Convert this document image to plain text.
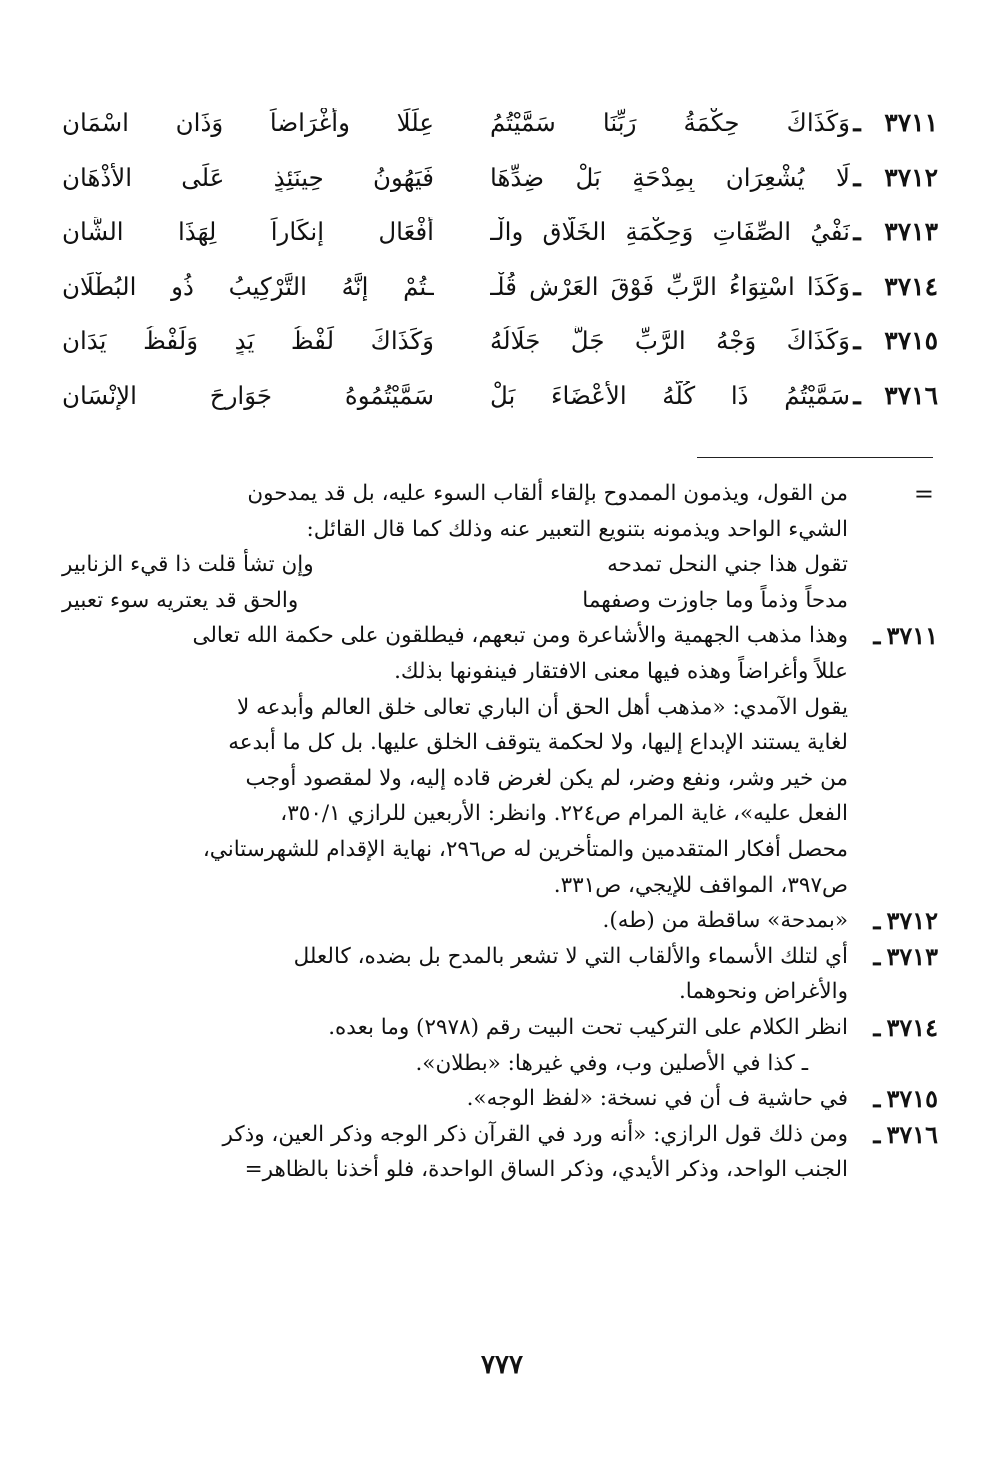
٣٧١١
ـ
وَكَذَاكَ حِكْمَةُ رَبِّنَا سَمَّيْتُمُ
عِلَلًا وأَغْرَاضاً وَذَانِ اسْمَانِ
٣٧١٢
ـ
لَا يُشْعِرَانِ بِمِدْحَةٍ بَلْ ضِدِّهَا
فَيَهُونُ حِينَئِذٍ عَلَى الأذْهَانِ
٣٧١٣
ـ
نَفْيُ الصِّفَاتِ وَحِكْمَةِ الخَلَّاقِ والْـ
أفْعَالِ إنكَاراً لِهَذَا الشَّانِ
٣٧١٤
ـ
وَكَذَا اسْتِوَاءُ الرَّبِّ فَوْقَ العَرْشِ قُلْـ
ـتُمْ إنَّهُ التَّرْكِيبُ ذُو البُطْلَانِ
٣٧١٥
ـ
وَكَذَاكَ وَجْهُ الرَّبِّ جَلَّ جَلَالُهُ
وَكَذَاكَ لَفْظُ يَدٍ وَلَفْظُ يَدَانِ
٣٧١٦
ـ
سَمَّيْتُمُ ذَا كُلَّهُ الأعْضَاءَ بَلْ
سَمَّيْتُمُوهُ جَوَارِحَ الإنْسَانِ
=

من القول، ويذمون الممدوح بإلقاء ألقاب السوء عليه، بل قد يمدحون

الشيء الواحد ويذمونه بتنويع التعبير عنه وذلك كما قال القائل:

تقول هذا جني النحل تمدحه
وإن تشأ قلت ذا قيء الزنابير
مدحاً وذماً وما جاوزت وصفهما
والحق قد يعتريه سوء تعبير
٣٧١١ـ

وهذا مذهب الجهمية والأشاعرة ومن تبعهم، فيطلقون على حكمة الله تعالى

عللاً وأغراضاً وهذه فيها معنى الافتقار فينفونها بذلك.

يقول الآمدي: «مذهب أهل الحق أن الباري تعالى خلق العالم وأبدعه لا

لغاية يستند الإبداع إليها، ولا لحكمة يتوقف الخلق عليها. بل كل ما أبدعه

من خير وشر، ونفع وضر، لم يكن لغرض قاده إليه، ولا لمقصود أوجب

الفعل عليه»، غاية المرام ص٢٢٤. وانظر: الأربعين للرازي ٣٥٠/١،

محصل أفكار المتقدمين والمتأخرين له ص٢٩٦، نهاية الإقدام للشهرستاني،

ص٣٩٧، المواقف للإيجي، ص٣٣١.

٣٧١٢ـ

«بمدحة» ساقطة من (طه).

٣٧١٣ـ

أي لتلك الأسماء والألقاب التي لا تشعر بالمدح بل بضده، كالعلل

والأغراض ونحوهما.

٣٧١٤ـ

انظر الكلام على التركيب تحت البيت رقم (٢٩٧٨) وما بعده.

ـ كذا في الأصلين وب، وفي غيرها: «بطلان».

٣٧١٥ـ

في حاشية ف أن في نسخة: «لفظ الوجه».

٣٧١٦ـ

ومن ذلك قول الرازي: «أنه ورد في القرآن ذكر الوجه وذكر العين، وذكر

الجنب الواحد، وذكر الأيدي، وذكر الساق الواحدة، فلو أخذنا بالظاهر=

٧٧٧
